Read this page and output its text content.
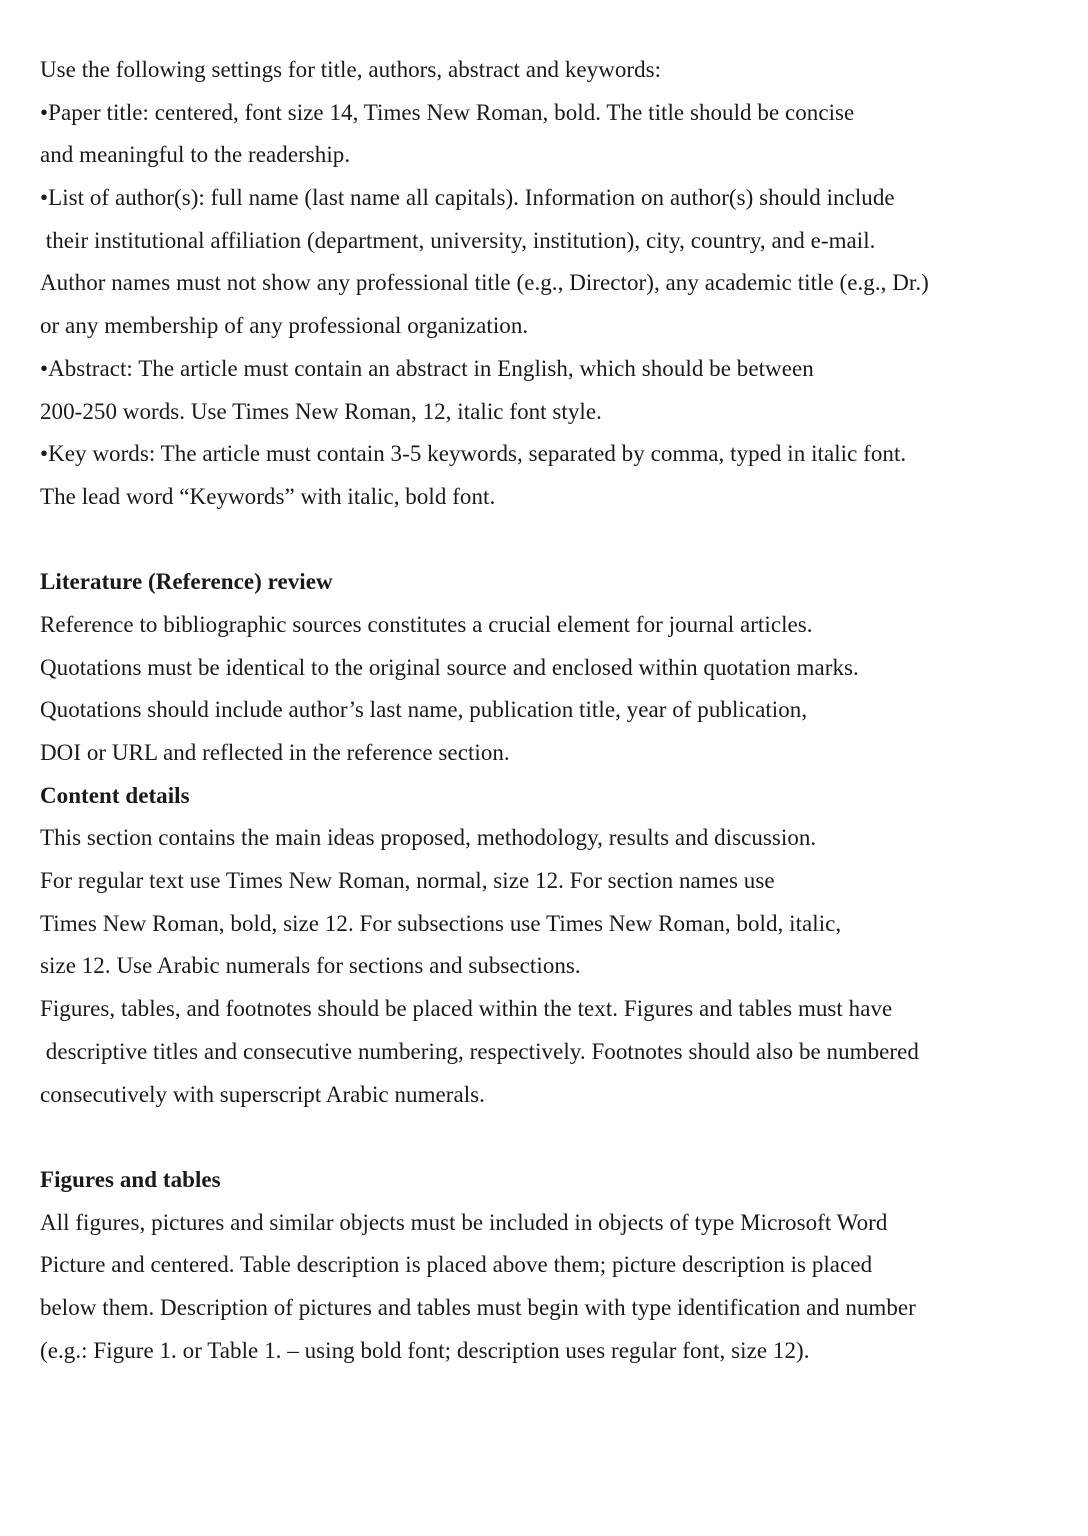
Use the following settings for title, authors, abstract and keywords:
•Paper title: centered, font size 14, Times New Roman, bold. The title should be concise
and meaningful to the readership.
•List of author(s): full name (last name all capitals). Information on author(s) should include
their institutional affiliation (department, university, institution), city, country, and e-mail.
Author names must not show any professional title (e.g., Director), any academic title (e.g., Dr.)
or any membership of any professional organization.
•Abstract: The article must contain an abstract in English, which should be between
200-250 words. Use Times New Roman, 12, italic font style.
•Key words: The article must contain 3-5 keywords, separated by comma, typed in italic font.
The lead word “Keywords” with italic, bold font.
Literature (Reference) review
Reference to bibliographic sources constitutes a crucial element for journal articles.
Quotations must be identical to the original source and enclosed within quotation marks.
Quotations should include author’s last name, publication title, year of publication,
DOI or URL and reflected in the reference section.
Content details
This section contains the main ideas proposed, methodology, results and discussion.
For regular text use Times New Roman, normal, size 12. For section names use
Times New Roman, bold, size 12. For subsections use Times New Roman, bold, italic,
size 12. Use Arabic numerals for sections and subsections.
Figures, tables, and footnotes should be placed within the text. Figures and tables must have
descriptive titles and consecutive numbering, respectively. Footnotes should also be numbered
consecutively with superscript Arabic numerals.
Figures and tables
All figures, pictures and similar objects must be included in objects of type Microsoft Word
Picture and centered. Table description is placed above them; picture description is placed
below them. Description of pictures and tables must begin with type identification and number
(e.g.: Figure 1. or Table 1. – using bold font; description uses regular font, size 12).
